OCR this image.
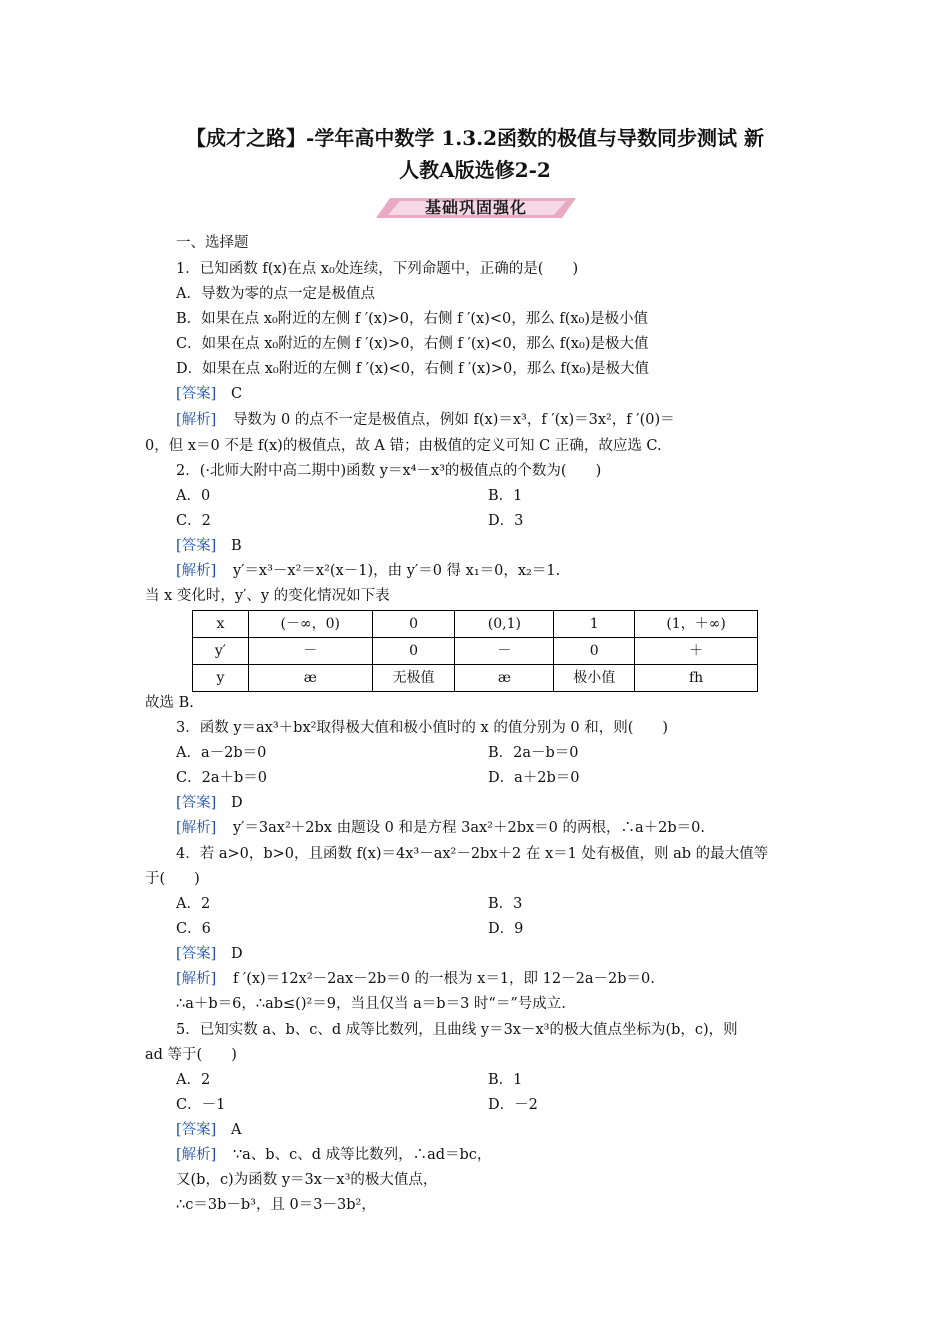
【成才之路】-学年高中数学 1.3.2函数的极值与导数同步测试 新
人教A版选修2-2
基础巩固强化
一、选择题
1．已知函数 f(x)在点 x₀处连续，下列命题中，正确的是(　　)
A．导数为零的点一定是极值点
B．如果在点 x₀附近的左侧 f ′(x)>0，右侧 f ′(x)<0，那么 f(x₀)是极小值
C．如果在点 x₀附近的左侧 f ′(x)>0，右侧 f ′(x)<0，那么 f(x₀)是极大值
D．如果在点 x₀附近的左侧 f ′(x)<0，右侧 f ′(x)>0，那么 f(x₀)是极大值
[答案] C
[解析] 导数为 0 的点不一定是极值点，例如 f(x)＝x³，f ′(x)＝3x²，f ′(0)＝
0，但 x＝0 不是 f(x)的极值点，故 A 错；由极值的定义可知 C 正确，故应选 C.
2．(·北师大附中高二期中)函数 y＝x⁴－x³的极值点的个数为(　　)
A．0	B．1
C．2	D．3
[答案] B
[解析] y′＝x³－x²＝x²(x－1)，由 y′＝0 得 x₁＝0，x₂＝1.
当 x 变化时，y′、y 的变化情况如下表
x	(－∞，0)	0	(0,1)	1	(1，＋∞)
y′	－	0	－	0	＋
y	æ	无极值	æ	极小值	fh
故选 B.
3．函数 y＝ax³＋bx²取得极大值和极小值时的 x 的值分别为 0 和，则(　　)
A．a－2b＝0	B．2a－b＝0
C．2a＋b＝0	D．a＋2b＝0
[答案] D
[解析] y′＝3ax²＋2bx 由题设 0 和是方程 3ax²＋2bx＝0 的两根，∴a＋2b＝0.
4．若 a>0，b>0，且函数 f(x)＝4x³－ax²－2bx＋2 在 x＝1 处有极值，则 ab 的最大值等
于(　　)
A．2	B．3
C．6	D．9
[答案] D
[解析] f ′(x)＝12x²－2ax－2b＝0 的一根为 x＝1，即 12－2a－2b＝0.
∴a＋b＝6，∴ab≤()²＝9，当且仅当 a＝b＝3 时“＝”号成立.
5．已知实数 a、b、c、d 成等比数列，且曲线 y＝3x－x³的极大值点坐标为(b，c)，则
ad 等于(　　)
A．2	B．1
C．－1	D．－2
[答案] A
[解析] ∵a、b、c、d 成等比数列，∴ad＝bc，
又(b，c)为函数 y＝3x－x³的极大值点，
∴c＝3b－b³，且 0＝3－3b²，
